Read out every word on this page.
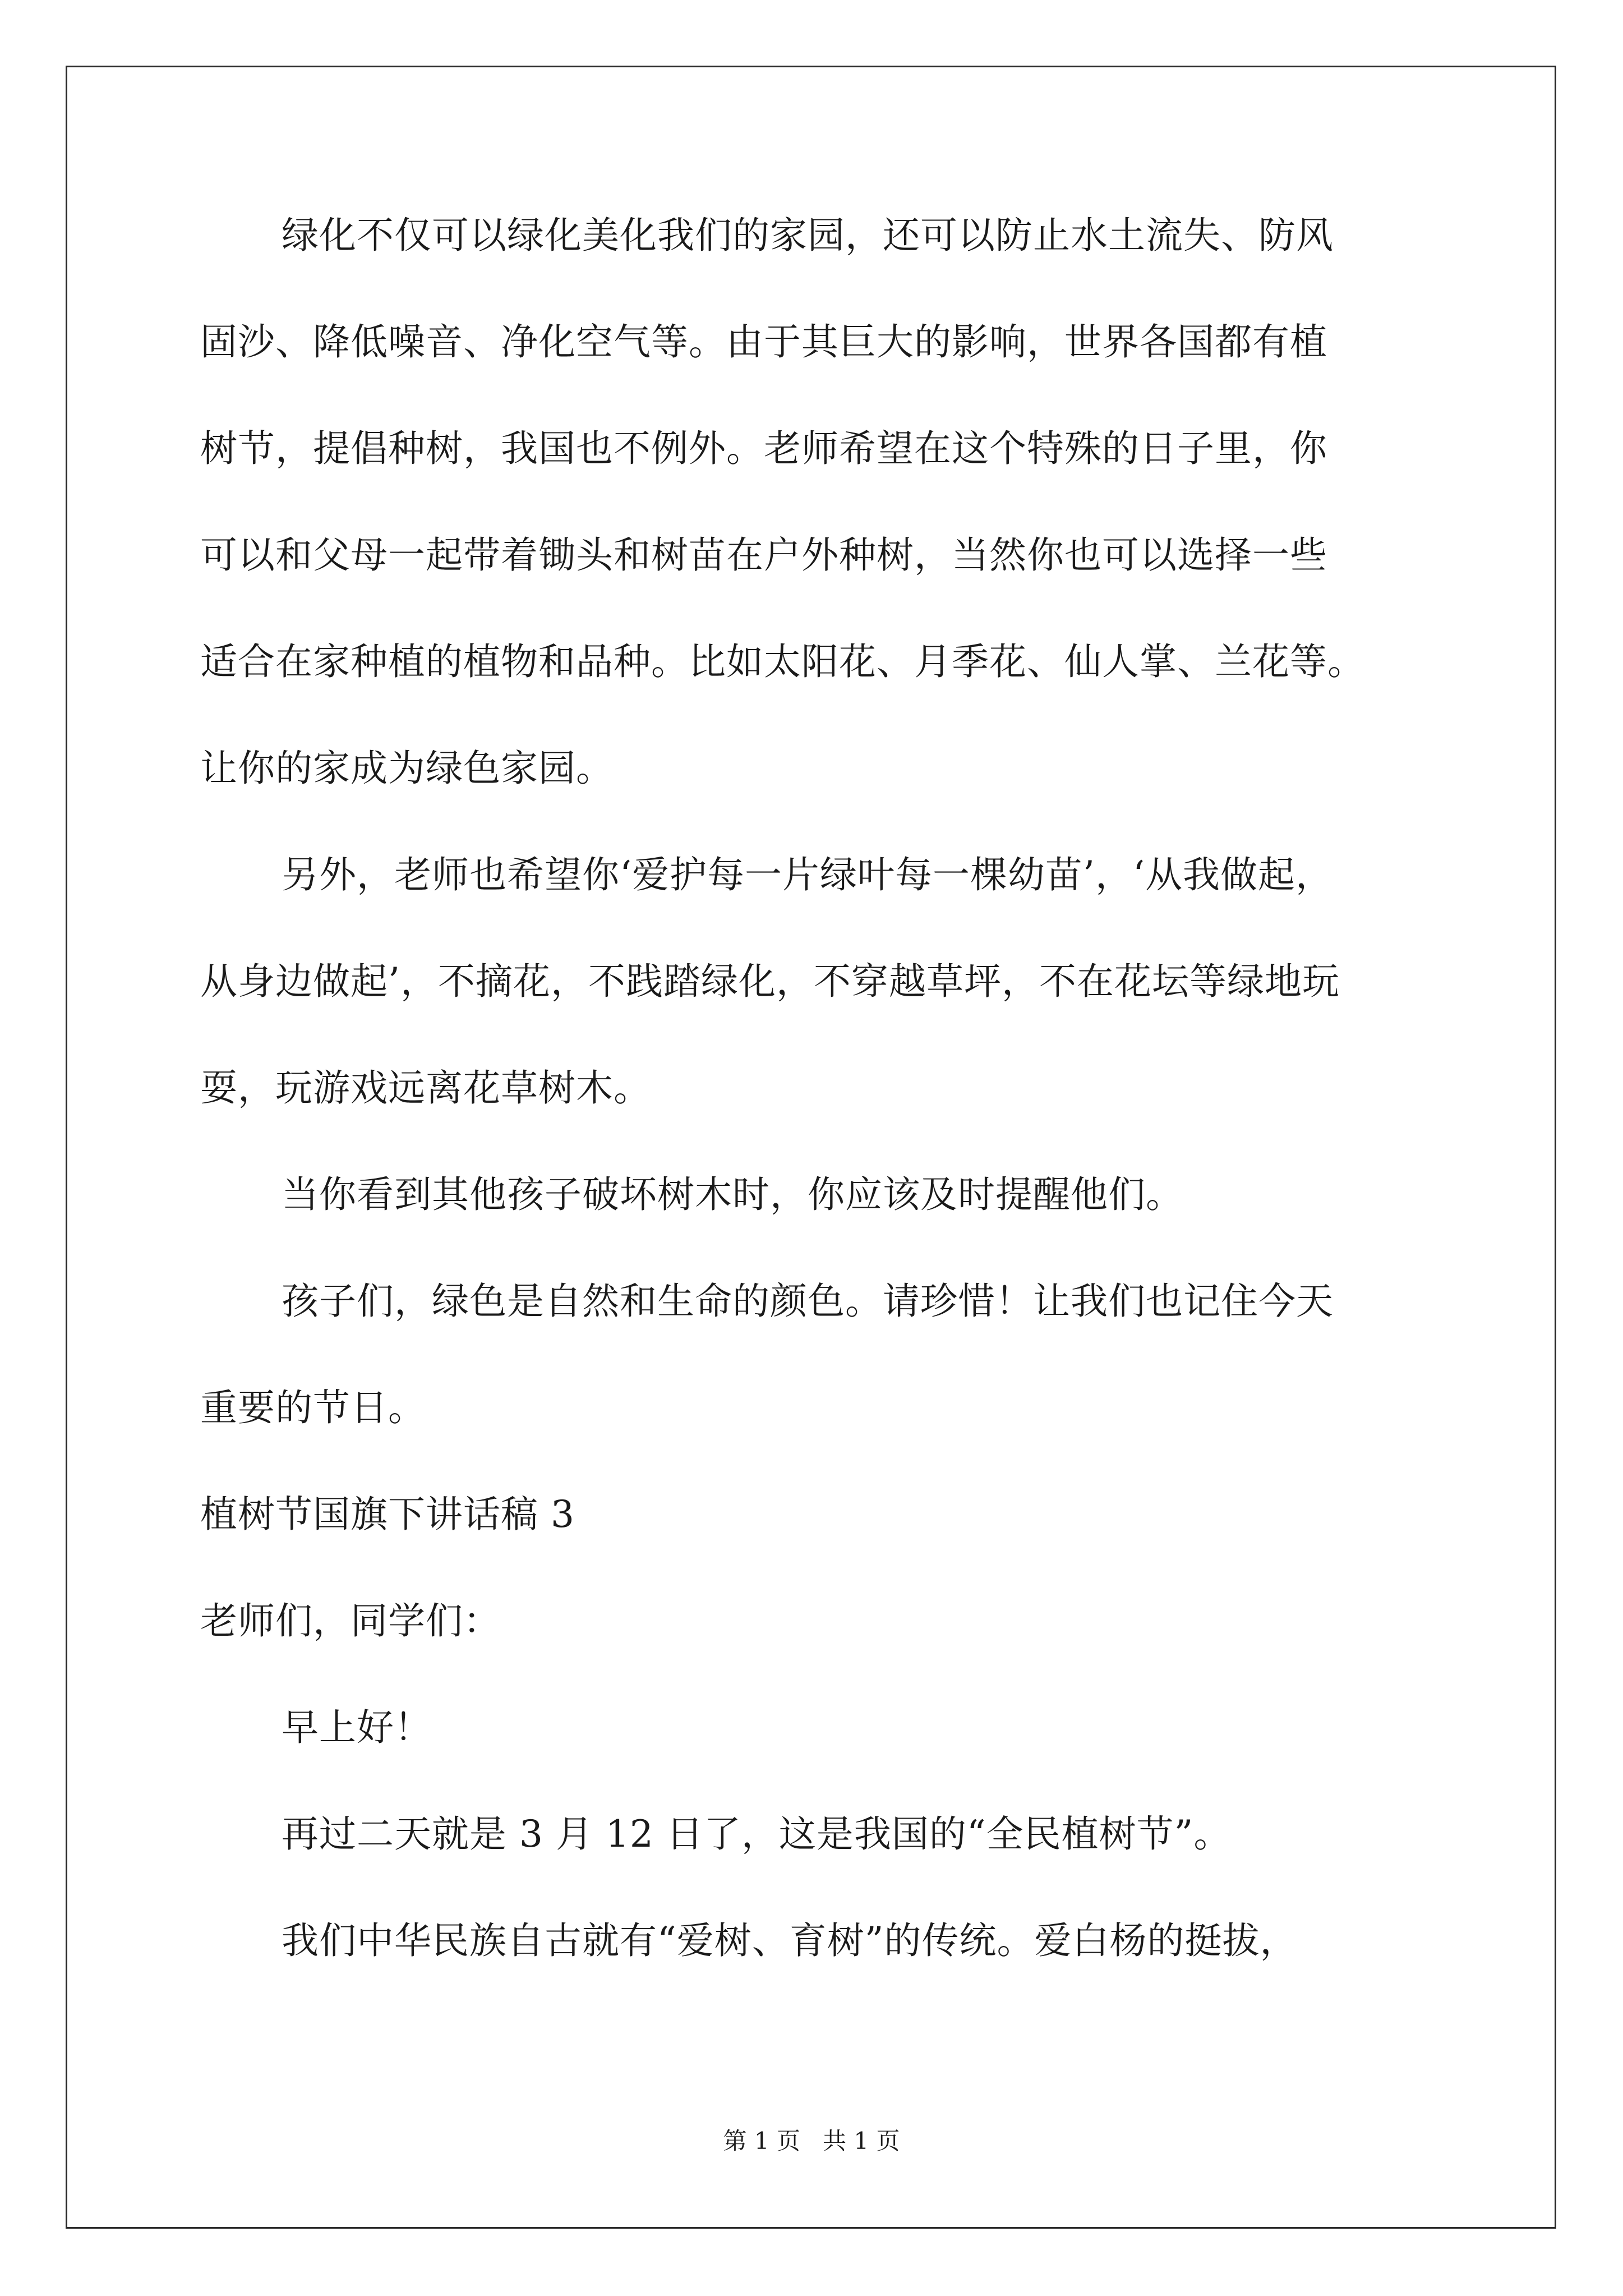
绿化不仅可以绿化美化我们的家园，还可以防止水土流失、防风
固沙、降低噪音、净化空气等。由于其巨大的影响，世界各国都有植
树节，提倡种树，我国也不例外。老师希望在这个特殊的日子里，你
可以和父母一起带着锄头和树苗在户外种树，当然你也可以选择一些
适合在家种植的植物和品种。比如太阳花、月季花、仙人掌、兰花等。
让你的家成为绿色家园。
另外，老师也希望你‘爱护每一片绿叶每一棵幼苗’，‘从我做起，
从身边做起’，不摘花，不践踏绿化，不穿越草坪，不在花坛等绿地玩
耍，玩游戏远离花草树木。
当你看到其他孩子破坏树木时，你应该及时提醒他们。
孩子们，绿色是自然和生命的颜色。请珍惜！让我们也记住今天
重要的节日。
植树节国旗下讲话稿 3
老师们，同学们：
早上好！
再过二天就是 3 月 12 日了，这是我国的“全民植树节”。
我们中华民族自古就有“爱树、育树”的传统。爱白杨的挺拔，
第 1 页   共 1 页
